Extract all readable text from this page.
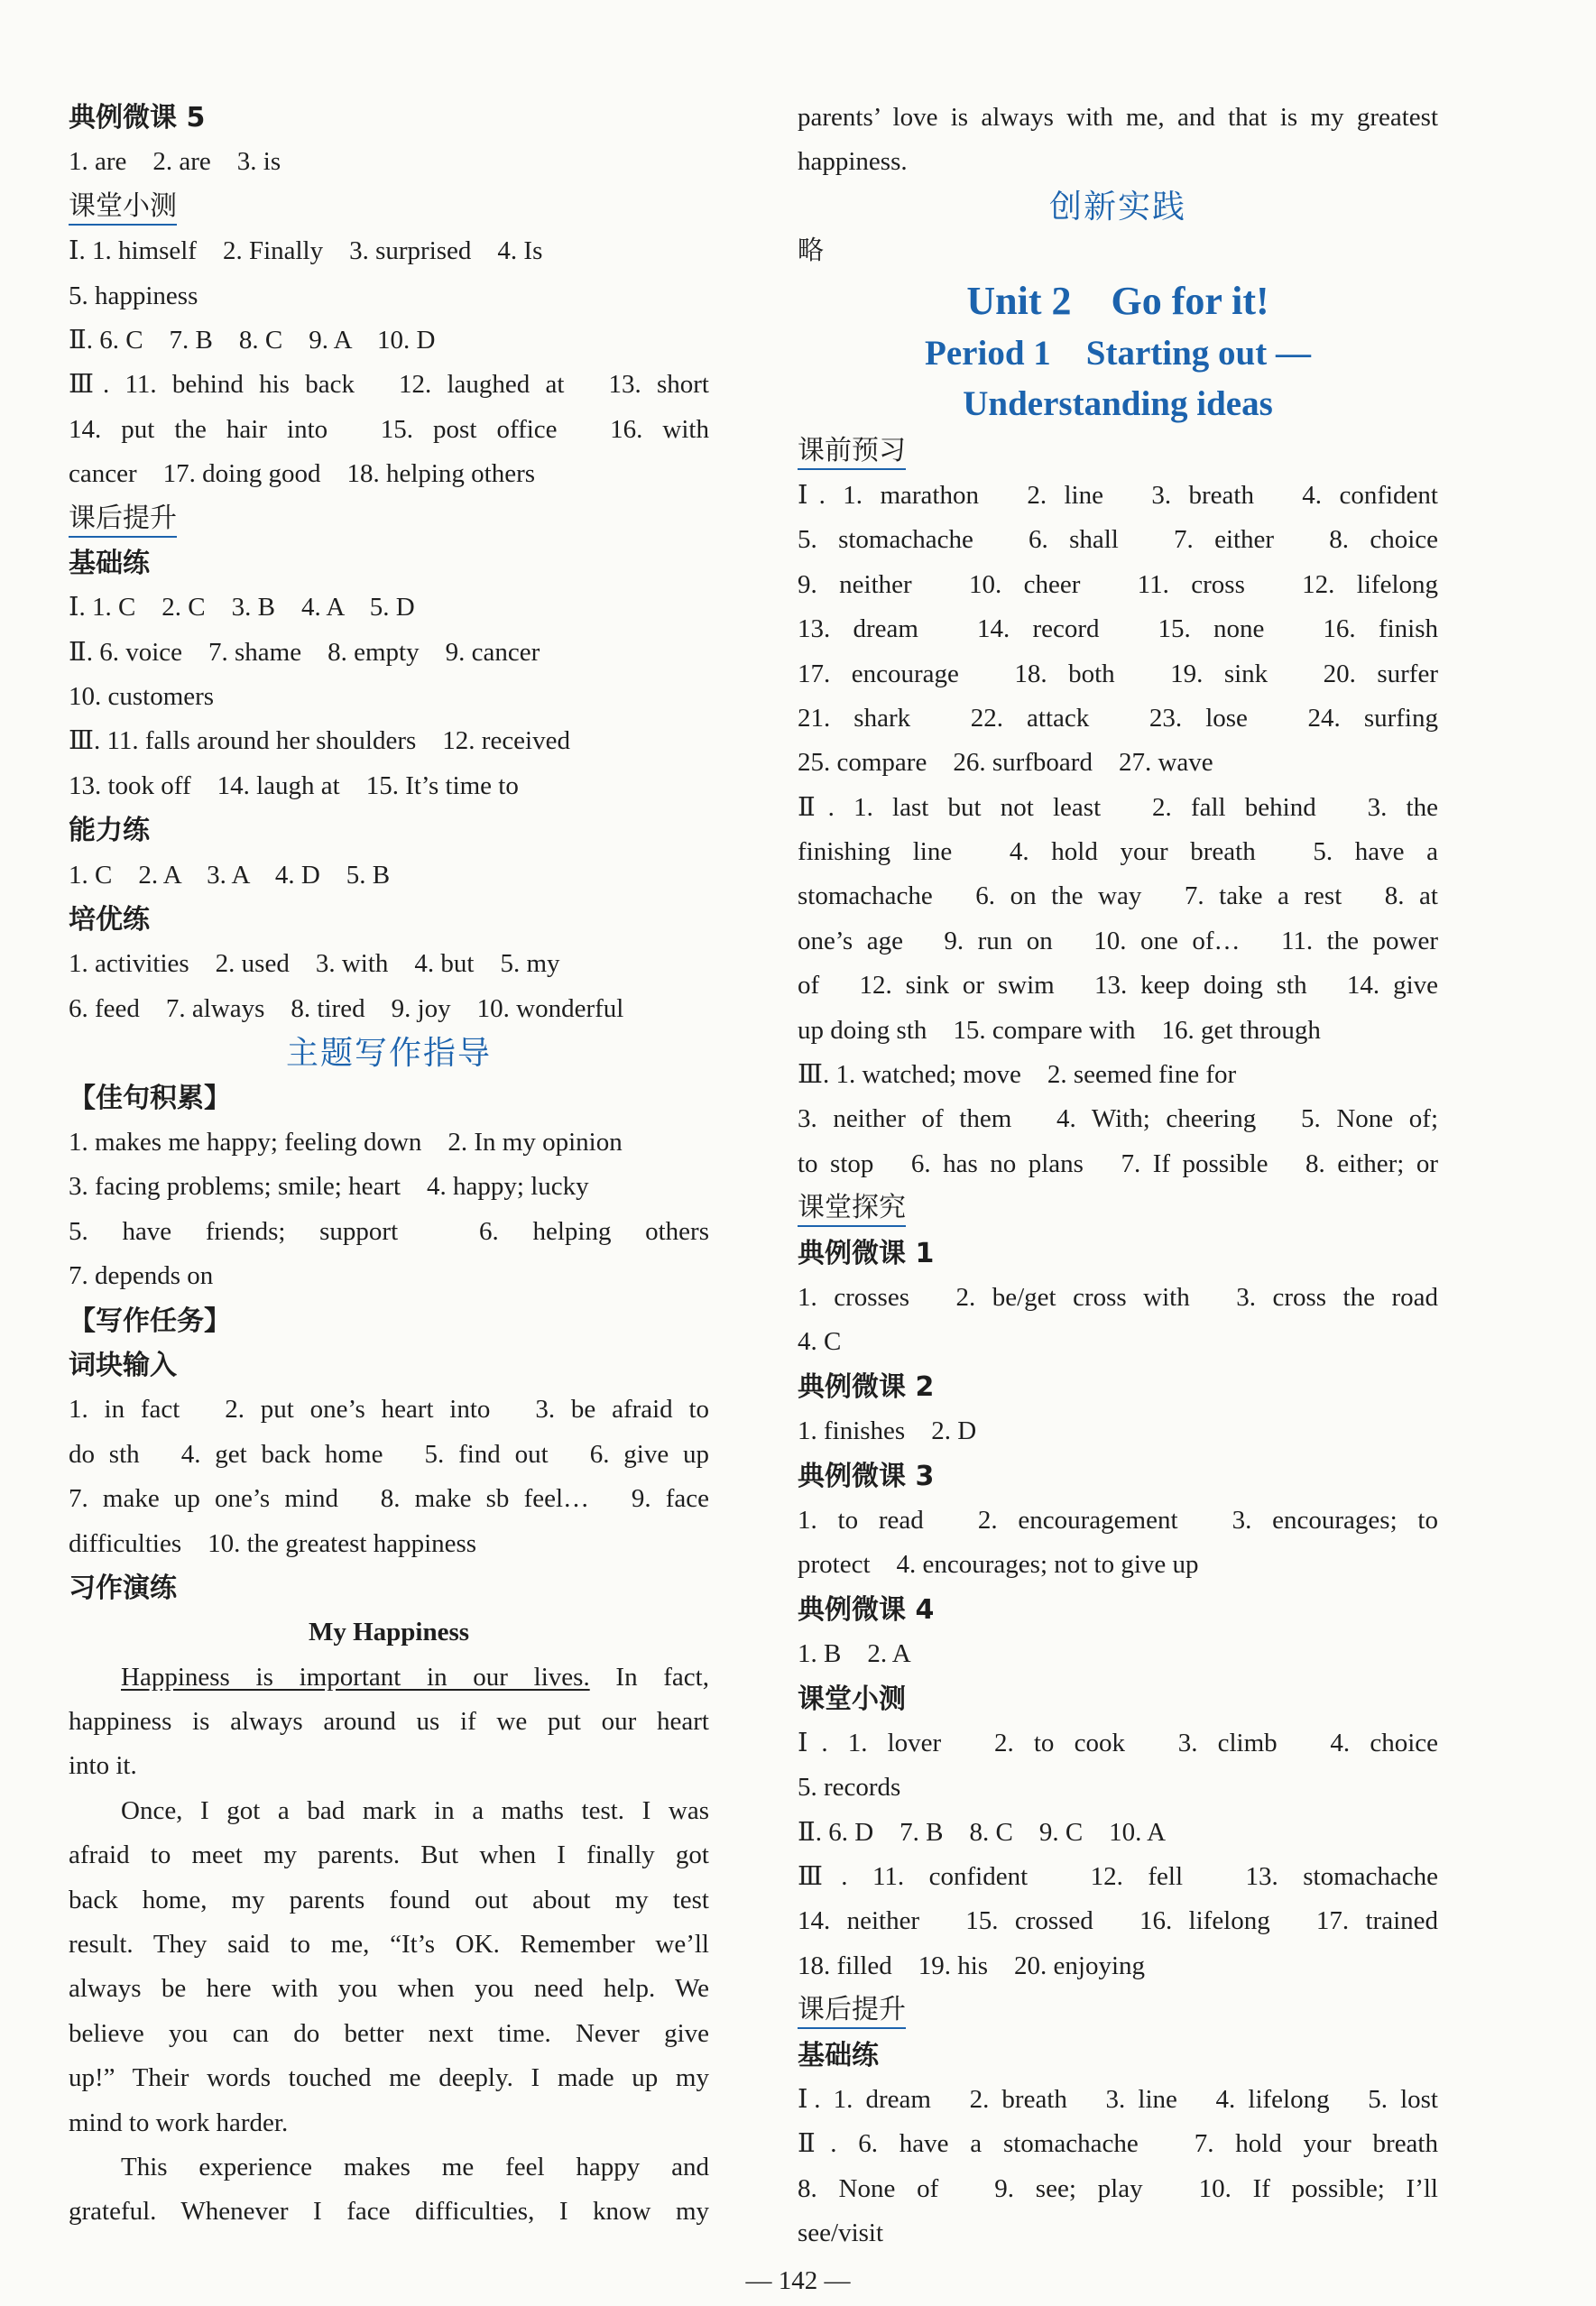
典例微课 5
1. are　2. are　3. is
课堂小测
Ⅰ. 1. himself　2. Finally　3. surprised　4. Is
5. happiness
Ⅱ. 6. C　7. B　8. C　9. A　10. D
Ⅲ. 11. behind his back　12. laughed at　13. short
14. put the hair into　15. post office　16. with
cancer　17. doing good　18. helping others
课后提升
基础练
Ⅰ. 1. C　2. C　3. B　4. A　5. D
Ⅱ. 6. voice　7. shame　8. empty　9. cancer
10. customers
Ⅲ. 11. falls around her shoulders　12. received
13. took off　14. laugh at　15. It’s time to
能力练
1. C　2. A　3. A　4. D　5. B
培优练
1. activities　2. used　3. with　4. but　5. my
6. feed　7. always　8. tired　9. joy　10. wonderful
主题写作指导
【佳句积累】
1. makes me happy; feeling down　2. In my opinion
3. facing problems; smile; heart　4. happy; lucky
5. have friends; support　6. helping others
7. depends on
【写作任务】
词块输入
1. in fact　2. put one’s heart into　3. be afraid to
do sth　4. get back home　5. find out　6. give up
7. make up one’s mind　8. make sb feel…　9. face
difficulties　10. the greatest happiness
习作演练
My Happiness
Happiness is important in our lives. In fact,
happiness is always around us if we put our heart
into it.
Once, I got a bad mark in a maths test. I was
afraid to meet my parents. But when I finally got
back home, my parents found out about my test
result. They said to me, “It’s OK. Remember we’ll
always be here with you when you need help. We
believe you can do better next time. Never give
up!” Their words touched me deeply. I made up my
mind to work harder.
This experience makes me feel happy and
grateful. Whenever I face difficulties, I know my
parents’ love is always with me, and that is my greatest
happiness.
创新实践
略
Unit 2　Go for it!
Period 1　Starting out —
Understanding ideas
课前预习
Ⅰ. 1. marathon　2. line　3. breath　4. confident
5. stomachache　6. shall　7. either　8. choice
9. neither　10. cheer　11. cross　12. lifelong
13. dream　14. record　15. none　16. finish
17. encourage　18. both　19. sink　20. surfer
21. shark　22. attack　23. lose　24. surfing
25. compare　26. surfboard　27. wave
Ⅱ. 1. last but not least　2. fall behind　3. the
finishing line　4. hold your breath　5. have a
stomachache　6. on the way　7. take a rest　8. at
one’s age　9. run on　10. one of…　11. the power
of　12. sink or swim　13. keep doing sth　14. give
up doing sth　15. compare with　16. get through
Ⅲ. 1. watched; move　2. seemed fine for
3. neither of them　4. With; cheering　5. None of;
to stop　6. has no plans　7. If possible　8. either; or
课堂探究
典例微课 1
1. crosses　2. be/get cross with　3. cross the road
4. C
典例微课 2
1. finishes　2. D
典例微课 3
1. to read　2. encouragement　3. encourages; to
protect　4. encourages; not to give up
典例微课 4
1. B　2. A
课堂小测
Ⅰ. 1. lover　2. to cook　3. climb　4. choice
5. records
Ⅱ. 6. D　7. B　8. C　9. C　10. A
Ⅲ. 11. confident　12. fell　13. stomachache
14. neither　15. crossed　16. lifelong　17. trained
18. filled　19. his　20. enjoying
课后提升
基础练
Ⅰ. 1. dream　2. breath　3. line　4. lifelong　5. lost
Ⅱ. 6. have a stomachache　7. hold your breath
8. None of　9. see; play　10. If possible; I’ll
see/visit
— 142 —
